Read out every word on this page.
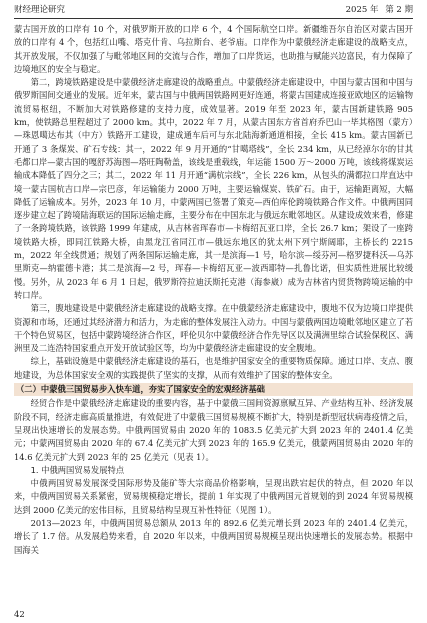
财经理论研究	2025 年 第 2 期

蒙古国开放的口岸有 10 个，对俄罗斯开放的口岸 6 个，4 个国际航空口岸。新疆维吾尔自治区对蒙古国开放的口岸有 4 个，包括红山嘴、塔克什肯、乌拉斯台、老爷庙。口岸作为中蒙俄经济走廊建设的战略支点，其开放发展，不仅加强了与毗邻地区间的交流与合作，增加了口岸货运，也助推与赋能兴边富民，有力保障了边境地区的安全与稳定。

第二，跨境铁路建设是中蒙俄经济走廊建设的战略重点。中蒙俄经济走廊建设中，中国与蒙古国和中国与俄罗斯国间交通业的发展。近年来，蒙古国与中俄两国铁路网更好连通，将蒙古国建成连接亚欧地区的运输物流贸易枢纽，不断加大对铁路修建的支持力度，成效显著。2019 年至 2023 年，蒙古国新建铁路 905 km，使铁路总里程超过了 2000 km。其中，2022 年 7 月，从蒙古国东方省首府乔巴山一毕其格图（蒙方）—珠恩噶达布其（中方）铁路开工建设，建成通车后可与东北陆海新通道相接，全长 415 km。蒙古国新已开通了 3 条煤炭、矿石专线：其一，2022 年 9 月开通的“甘噶塔线”，全长 234 km，从已经淖尔尔的甘其毛都口岸—蒙古国的嘎舒苏海图—塔旺陶勒盖，该线是重载线，年运能 1500 万～2000 万吨，该线将煤炭运输成本降低了四分之三；其二，2022 年 11 月开通“满杭宗线”，全长 226 km，从包头的满都拉口岸直达中境一蒙古国杭吉口岸—宗巴彦，年运输能力 2000 万吨，主要运输煤炭、铁矿石。由于，运输距离短，大幅降低了运输成本。另外，2023 年 10 月，中蒙两国已签署了策克—西伯库伦跨境铁路合作文件。中俄两国同逐步建立起了跨境陆海联运的国际运输走廊，主要分布在中国东北与俄远东毗邻地区。从建设成效来看，修建了一条跨境铁路，该铁路 1999 年建成，从吉林省珲春市—卡梅绍瓦亚口岸，全长 26.7 km；架设了一座跨境铁路大桥，即同江铁路大桥，由黑龙江省同江市—俄远东地区的犹太州下列宁斯阔耶，主桥长约 2215 m，2022 年全线贯通；规划了两条国际运输走廊，其一是滨海—1 号，哈尔滨—绥芬河—格罗捷科沃—乌苏里斯克—纳霍德卡港；其二是滨海—2 号，珲春—卡梅绍瓦亚—波西耶特—扎鲁比诺，但实质性进展比较缓慢。另外，从 2023 年 6 月 1 日起，俄罗斯符拉迪沃斯托克港（海参崴）成为吉林省内贸货物跨境运输的中转口岸。

第三，腹地建设是中蒙俄经济走廊建设的战略支撑。在中俄蒙经济走廊建设中，腹地不仅为边境口岸提供资源和市场，还通过其经济潜力和活力，为走廊的整体发展注入动力。中国与蒙俄两国边境毗邻地区建立了若干个特色贸易区，包括中蒙跨境经济合作区，呼伦贝尔中蒙俄经济合作先导区以及满洲里综合试验保税区、满洲里及二连浩特国家重点开发开放试验区等，均为中蒙俄经济走廊建设的安全腹地。

综上，基础设施是中蒙俄经济走廊建设的基石，也是维护国家安全的重要物质保障。通过口岸、支点、腹地建设，为总体国家安全观的实践提供了坚实的支撑，从而有效维护了国家的整体安全。

（二）中蒙俄三国贸易步入快车道，夯实了国家安全的宏观经济基础

经贸合作是中蒙俄经济走廊建设的重要内容，基于中蒙俄三国间资源禀赋互异、产业结构互补、经济发展阶段不同，经济走廊高质量推进，有效促进了中蒙俄三国贸易规模不断扩大，特别是新型冠状病毒疫情之后，呈现出快速增长的发展态势。中俄两国贸易由 2020 年的 1083.5 亿美元扩大到 2023 年的 2401.4 亿美元；中蒙两国贸易由 2020 年的 67.4 亿美元扩大到 2023 年的 165.9 亿美元，俄蒙两国贸易由 2020 年的 14.6 亿美元扩大到 2023 年的 25 亿美元（见表 1）。

1. 中俄两国贸易发展特点

中俄两国贸易发展深受国际形势及能矿等大宗商品价格影响，呈现出跌宕起伏的特点，但 2020 年以来，中俄两国贸易关系紧密，贸易规模稳定增长，提前 1 年实现了中俄两国元首规划的到 2024 年贸易规模达到 2000 亿美元的宏伟目标，且贸易结构呈现互补性特征（见图 1）。

2013—2023 年，中俄两国贸易总额从 2013 年的 892.6 亿美元增长到 2023 年的 2401.4 亿美元，增长了 1.7 倍。从发展趋势来看，自 2020 年以来，中俄两国贸易规模呈现出快速增长的发展态势。根据中国海关

42
